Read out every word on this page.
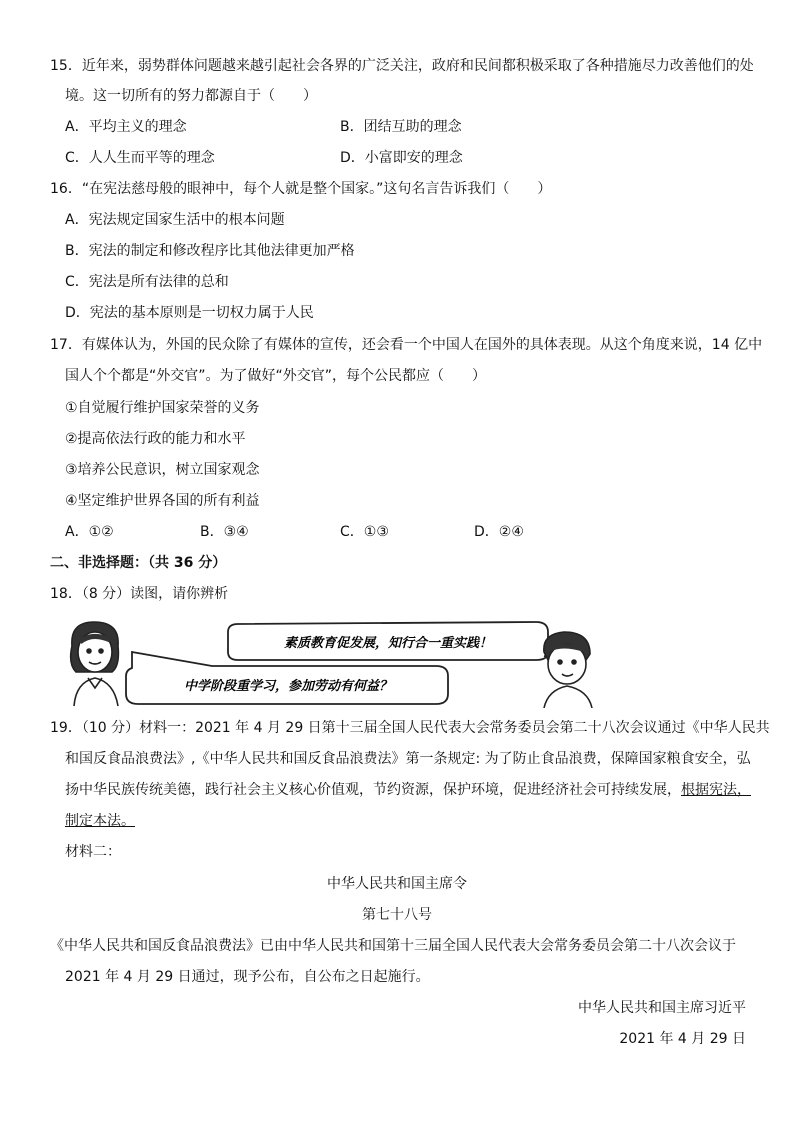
15．近年来，弱势群体问题越来越引起社会各界的广泛关注，政府和民间都积极采取了各种措施尽力改善他们的处
境。这一切所有的努力都源自于（　　）
A．平均主义的理念	B．团结互助的理念
C．人人生而平等的理念	D．小富即安的理念
16．“在宪法慈母般的眼神中，每个人就是整个国家。”这句名言告诉我们（　　）
A．宪法规定国家生活中的根本问题
B．宪法的制定和修改程序比其他法律更加严格
C．宪法是所有法律的总和
D．宪法的基本原则是一切权力属于人民
17．有媒体认为，外国的民众除了有媒体的宣传，还会看一个中国人在国外的具体表现。从这个角度来说，14 亿中
国人个个都是“外交官”。为了做好“外交官”，每个公民都应（　　）
①自觉履行维护国家荣誉的义务
②提高依法行政的能力和水平
③培养公民意识，树立国家观念
④坚定维护世界各国的所有利益
A．①②	B．③④	C．①③	D．②④
二、非选择题：（共 36 分）
18．（8 分）读图，请你辨析
素质教育促发展，知行合一重实践！
中学阶段重学习，参加劳动有何益？
19．（10 分）材料一：2021 年 4 月 29 日第十三届全国人民代表大会常务委员会第二十八次会议通过《中华人民共
和国反食品浪费法》,《中华人民共和国反食品浪费法》第一条规定: 为了防止食品浪费，保障国家粮食安全，弘
扬中华民族传统美德，践行社会主义核心价值观，节约资源，保护环境，促进经济社会可持续发展，根据宪法，
制定本法。
材料二：
中华人民共和国主席令
第七十八号
《中华人民共和国反食品浪费法》已由中华人民共和国第十三届全国人民代表大会常务委员会第二十八次会议于
2021 年 4 月 29 日通过，现予公布，自公布之日起施行。
中华人民共和国主席习近平
2021 年 4 月 29 日
